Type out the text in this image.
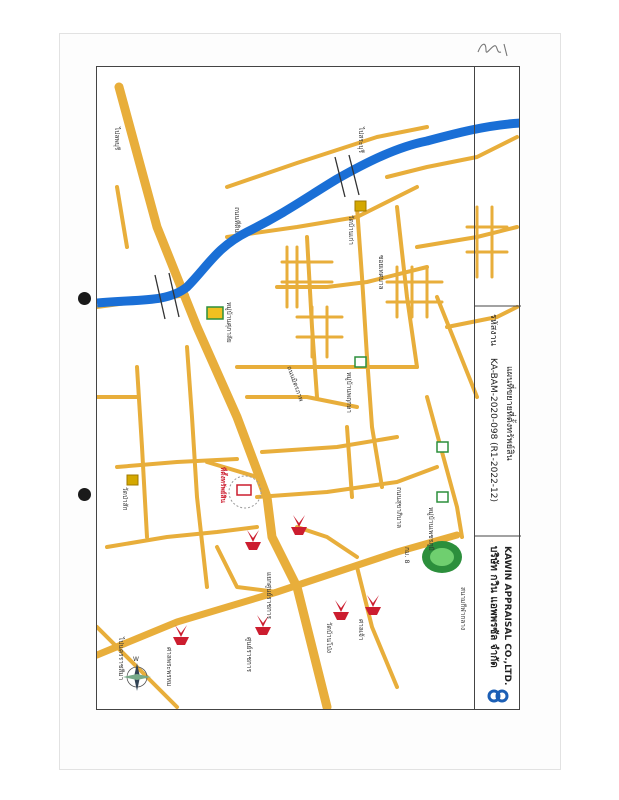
W
ไปลพบุรี
ถนนที่ดิน
ไปสระบุรี
ไปนครราชสีมา
ถนนมิตรภาพ
แยกศูนย์ราชการ
กม. 8
ศาลพระพรหม	ศูนย์ราชการ	วัดบ้านโป่ง	ศาลเจ้า
หมู่บ้านศุภาลัย
หมู่บ้านพฤกษา
หมู่บ้านเพชรภูมิ
วัดป่าสัก
วัดบ้านเก่า
ที่ตั้งทรัพย์สิน
สนามกีฬากลาง
ซอยเทศบาล
ถนนสุขาภิบาล
รหัสงาน
KA-BAM-2020-098 (R1-2022-12) แผนที่ขยายที่ตั้งทรัพย์สิน
บริษัท กวิน แอพพรซัล จำกัด KAWIN APPRAISAL CO.,LTD.
